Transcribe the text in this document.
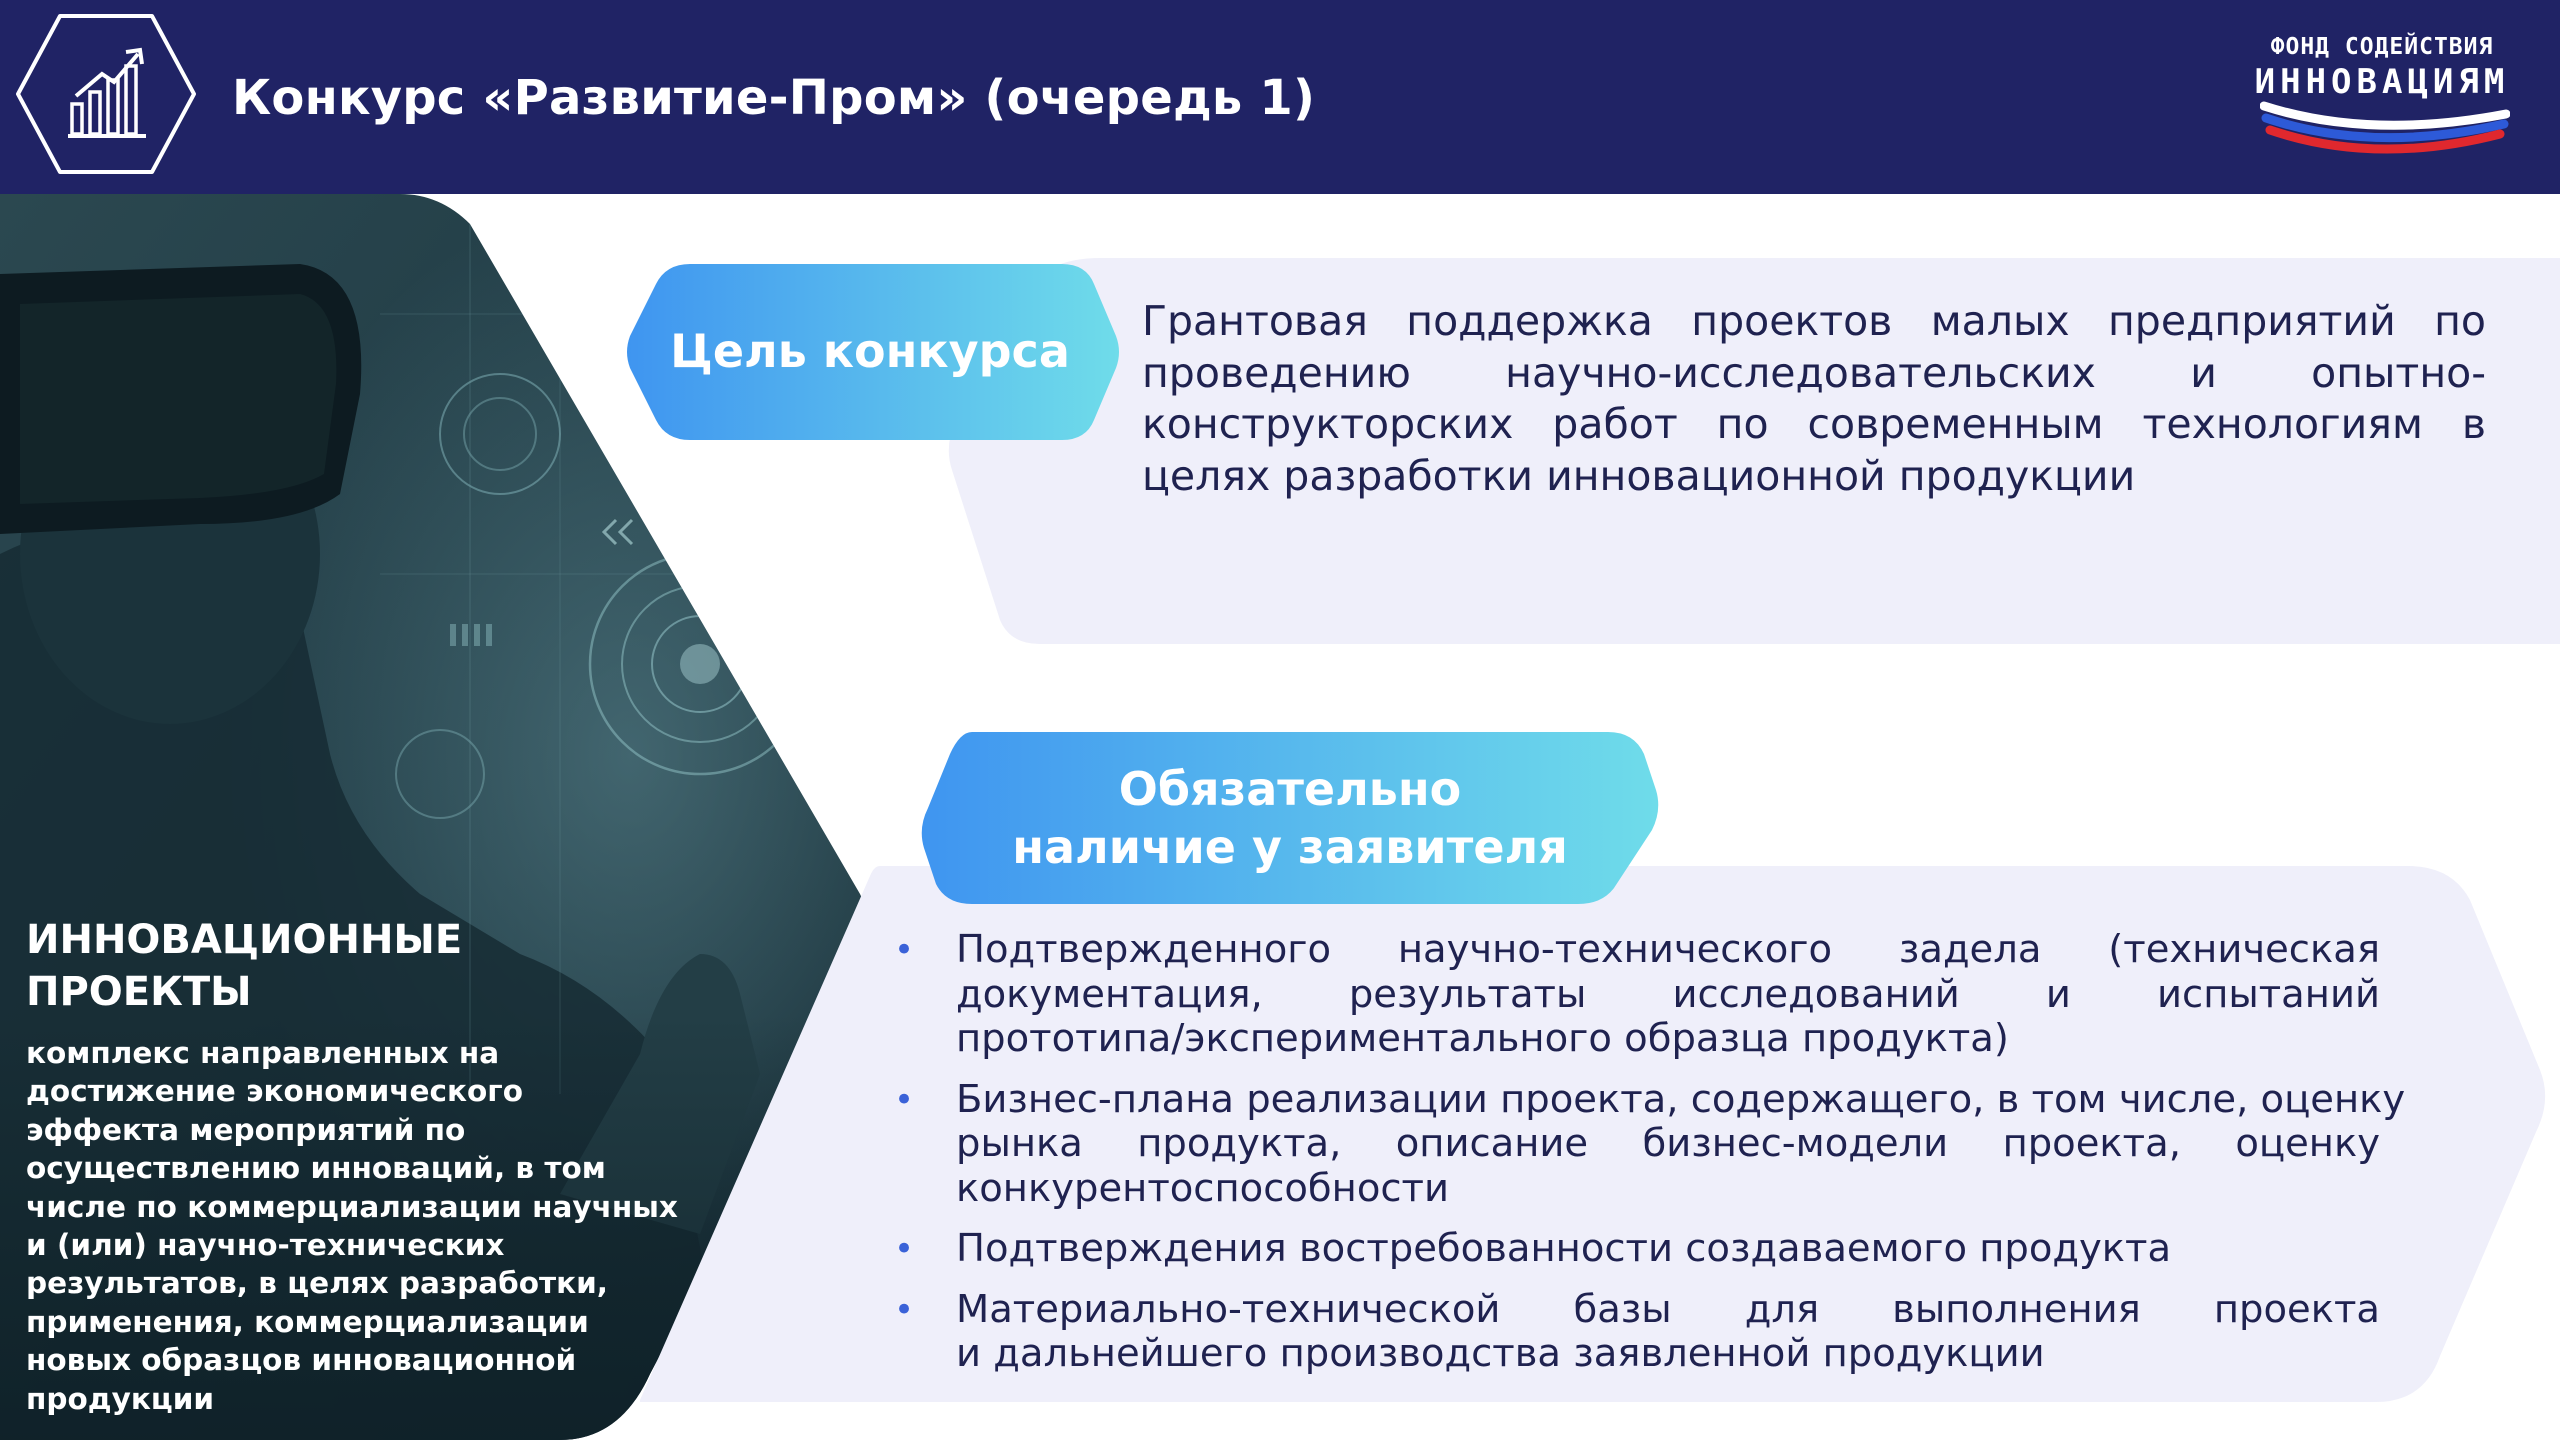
Конкурс «Развитие-Пром» (очередь 1)
ФОНД СОДЕЙСТВИЯ
ИННОВАЦИЯМ
ИННОВАЦИОННЫЕ
ПРОЕКТЫ
комплекс направленных на
достижение экономического
эффекта мероприятий по
осуществлению инноваций, в том
числе по коммерциализации научных
и (или) научно-технических
результатов, в целях разработки,
применения, коммерциализации
новых образцов инновационной
продукции
Цель конкурса
Грантовая поддержка проектов малых предприятий по
проведению научно-исследовательских и опытно-
конструкторских работ по современным технологиям в
целях разработки инновационной продукции
Обязательно
наличие у заявителя
• Подтвержденного научно-технического задела (техническая
документация, результаты исследований и испытаний
прототипа/экспериментального образца продукта)
• Бизнес-плана реализации проекта, содержащего, в том числе, оценку
рынка продукта, описание бизнес-модели проекта, оценку
конкурентоспособности
• Подтверждения востребованности создаваемого продукта
• Материально-технической базы для выполнения проекта
и дальнейшего производства заявленной продукции
